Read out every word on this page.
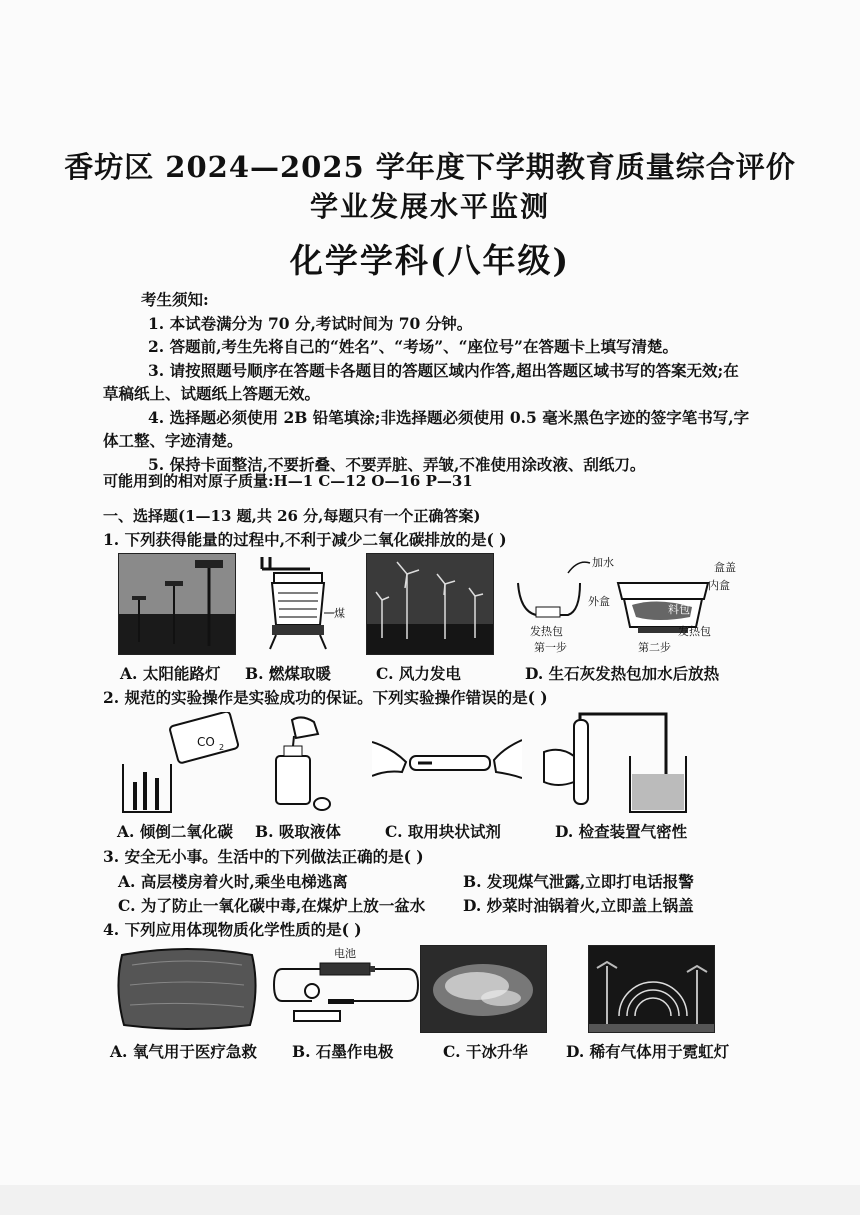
香坊区 2024—2025 学年度下学期教育质量综合评价
学业发展水平监测
化学学科(八年级)
考生须知:
1. 本试卷满分为 70 分,考试时间为 70 分钟。
2. 答题前,考生先将自己的“姓名”、“考场”、“座位号”在答题卡上填写清楚。
3. 请按照题号顺序在答题卡各题目的答题区域内作答,超出答题区域书写的答案无效;在草稿纸上、试题纸上答题无效。
4. 选择题必须使用 2B 铅笔填涂;非选择题必须使用 0.5 毫米黑色字迹的签字笔书写,字体工整、字迹清楚。
5. 保持卡面整洁,不要折叠、不要弄脏、弄皱,不准使用涂改液、刮纸刀。
可能用到的相对原子质量:H—1 C—12 O—16 P—31
一、选择题(1—13 题,共 26 分,每题只有一个正确答案)
1. 下列获得能量的过程中,不利于减少二氧化碳排放的是( )
煤
加水
外盒
发热包
第一步
盒盖
内盒
料包
发热包
第二步
A. 太阳能路灯 B. 燃煤取暖	C. 风力发电	D. 生石灰发热包加水后放热
2. 规范的实验操作是实验成功的保证。下列实验操作错误的是( )
CO 2
A. 倾倒二氧化碳 B. 吸取液体	C. 取用块状试剂	D. 检查装置气密性
3. 安全无小事。生活中的下列做法正确的是( )
A. 高层楼房着火时,乘坐电梯逃离	B. 发现煤气泄露,立即打电话报警
C. 为了防止一氧化碳中毒,在煤炉上放一盆水 D. 炒菜时油锅着火,立即盖上锅盖
4. 下列应用体现物质化学性质的是( )
电池
A. 氧气用于医疗急救 B. 石墨作电极	C. 干冰升华 D. 稀有气体用于霓虹灯
